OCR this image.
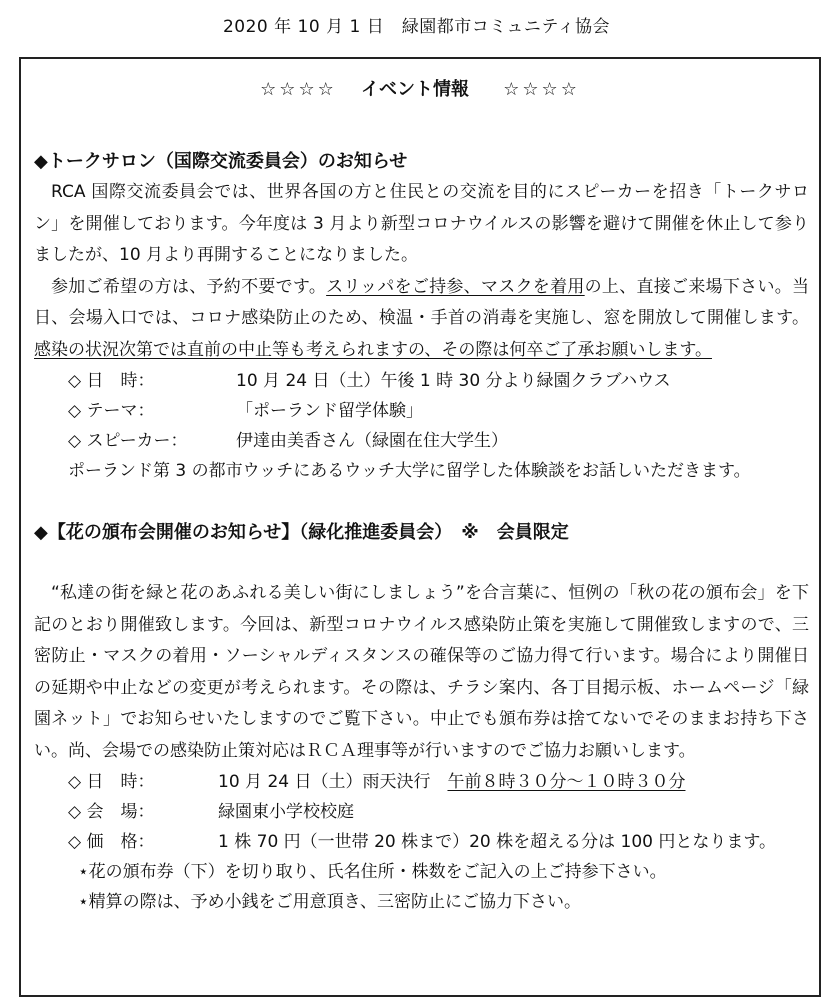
2020 年 10 月 1 日　緑園都市コミュニティ協会
☆☆☆☆ イベント情報 ☆☆☆☆
◆トークサロン（国際交流委員会）のお知らせ
RCA 国際交流委員会では、世界各国の方と住民との交流を目的にスピーカーを招き「トークサロン」を開催しております。今年度は 3 月より新型コロナウイルスの影響を避けて開催を休止して参りましたが、10 月より再開することになりました。
参加ご希望の方は、予約不要です。スリッパをご持参、マスクを着用の上、直接ご来場下さい。当日、会場入口では、コロナ感染防止のため、検温・手首の消毒を実施し、窓を開放して開催します。感染の状況次第では直前の中止等も考えられますの、その際は何卒ご了承お願いします。
◇ 日　時：	10 月 24 日（土）午後 1 時 30 分より緑園クラブハウス
◇ テーマ：	「ポーランド留学体験」
◇ スピーカー：	伊達由美香さん（緑園在住大学生）
ポーランド第 3 の都市ウッチにあるウッチ大学に留学した体験談をお話しいただきます。
◆【花の頒布会開催のお知らせ】（緑化推進委員会）　※　会員限定
“私達の街を緑と花のあふれる美しい街にしましょう”を合言葉に、恒例の「秋の花の頒布会」を下記のとおり開催致します。今回は、新型コロナウイルス感染防止策を実施して開催致しますので、三密防止・マスクの着用・ソーシャルディスタンスの確保等のご協力得て行います。場合により開催日の延期や中止などの変更が考えられます。その際は、チラシ案内、各丁目掲示板、ホームページ「緑園ネット」でお知らせいたしますのでご覧下さい。中止でも頒布券は捨てないでそのままお持ち下さい。尚、会場での感染防止策対応はＲＣＡ理事等が行いますのでご協力お願いします。
◇ 日　時：	10 月 24 日（土）雨天決行　 午前８時３０分～１０時３０分
◇ 会　場：	緑園東小学校校庭
◇ 価　格：	1 株 70 円（一世帯 20 株まで）20 株を超える分は 100 円となります。
⋆花の頒布券（下）を切り取り、氏名住所・株数をご記入の上ご持参下さい。
⋆精算の際は、予め小銭をご用意頂き、三密防止にご協力下さい。
